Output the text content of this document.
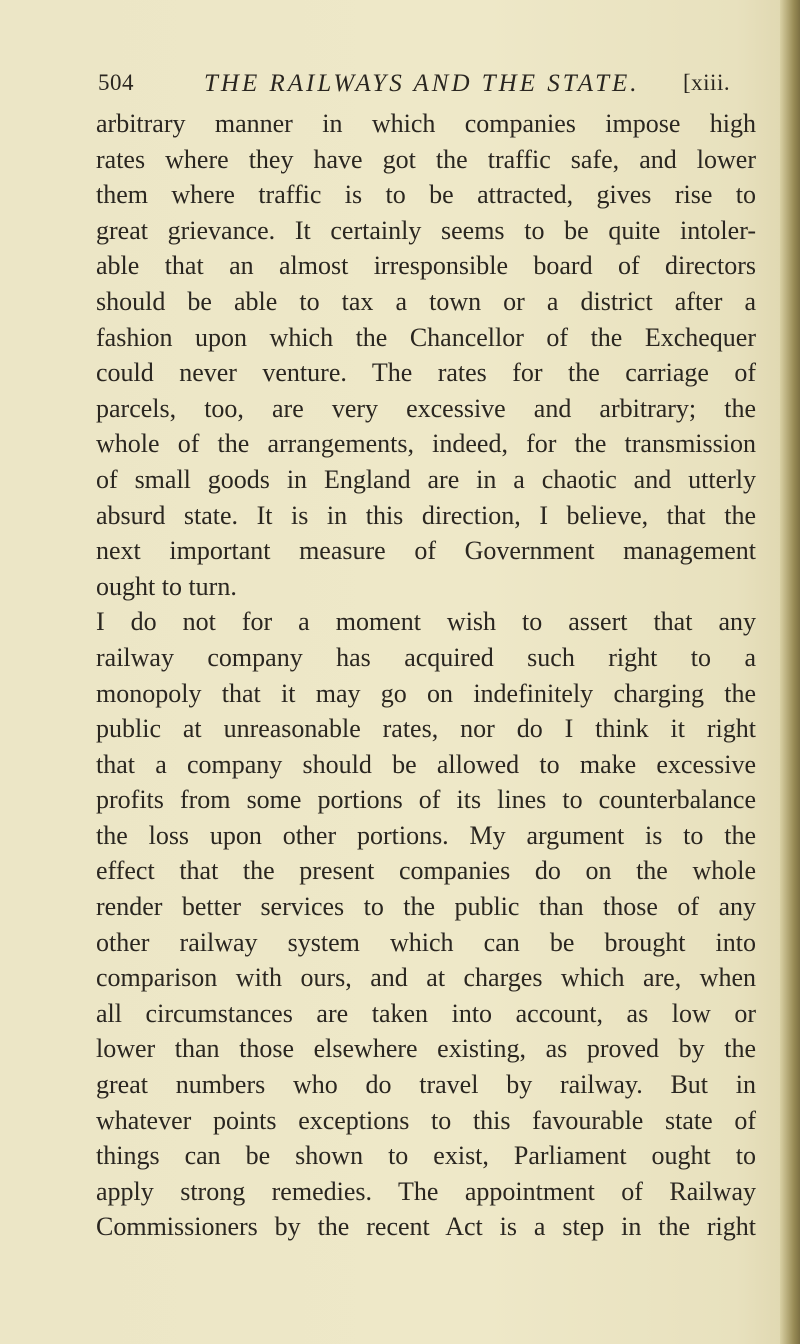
504	THE RAILWAYS AND THE STATE. [xiii.
arbitrary manner in which companies impose high
rates where they have got the traffic safe, and lower
them where traffic is to be attracted, gives rise to
great grievance. It certainly seems to be quite intoler-
able that an almost irresponsible board of directors
should be able to tax a town or a district after a
fashion upon which the Chancellor of the Exchequer
could never venture. The rates for the carriage of
parcels, too, are very excessive and arbitrary; the
whole of the arrangements, indeed, for the transmission
of small goods in England are in a chaotic and utterly
absurd state. It is in this direction, I believe, that the
next important measure of Government management
ought to turn.
I do not for a moment wish to assert that any
railway company has acquired such right to a
monopoly that it may go on indefinitely charging the
public at unreasonable rates, nor do I think it right
that a company should be allowed to make excessive
profits from some portions of its lines to counterbalance
the loss upon other portions. My argument is to the
effect that the present companies do on the whole
render better services to the public than those of any
other railway system which can be brought into
comparison with ours, and at charges which are, when
all circumstances are taken into account, as low or
lower than those elsewhere existing, as proved by the
great numbers who do travel by railway. But in
whatever points exceptions to this favourable state of
things can be shown to exist, Parliament ought to
apply strong remedies. The appointment of Railway
Commissioners by the recent Act is a step in the right
